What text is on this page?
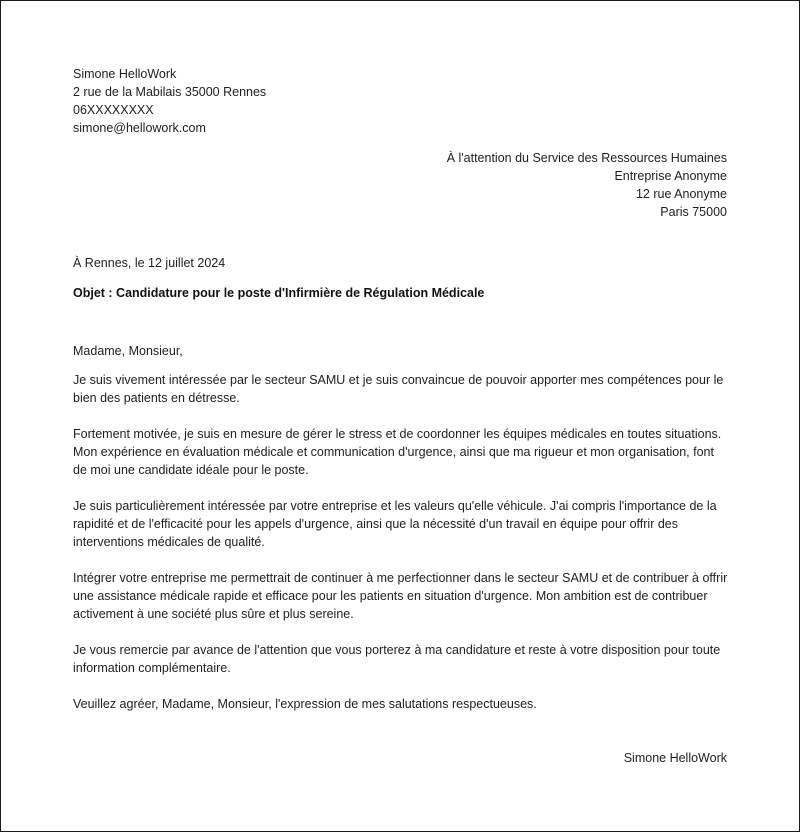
Simone HelloWork
2 rue de la Mabilais 35000 Rennes
06XXXXXXXX
simone@hellowork.com
À l'attention du Service des Ressources Humaines
Entreprise Anonyme
12 rue Anonyme
Paris 75000
À Rennes, le 12 juillet 2024
Objet : Candidature pour le poste d'Infirmière de Régulation Médicale
Madame, Monsieur,

Je suis vivement intéressée par le secteur SAMU et je suis convaincue de pouvoir apporter mes compétences pour le bien des patients en détresse.

Fortement motivée, je suis en mesure de gérer le stress et de coordonner les équipes médicales en toutes situations. Mon expérience en évaluation médicale et communication d'urgence, ainsi que ma rigueur et mon organisation, font de moi une candidate idéale pour le poste.

Je suis particulièrement intéressée par votre entreprise et les valeurs qu'elle véhicule. J'ai compris l'importance de la rapidité et de l'efficacité pour les appels d'urgence, ainsi que la nécessité d'un travail en équipe pour offrir des interventions médicales de qualité.

Intégrer votre entreprise me permettrait de continuer à me perfectionner dans le secteur SAMU et de contribuer à offrir une assistance médicale rapide et efficace pour les patients en situation d'urgence. Mon ambition est de contribuer activement à une société plus sûre et plus sereine.

Je vous remercie par avance de l'attention que vous porterez à ma candidature et reste à votre disposition pour toute information complémentaire.

Veuillez agréer, Madame, Monsieur, l'expression de mes salutations respectueuses.

Simone HelloWork
